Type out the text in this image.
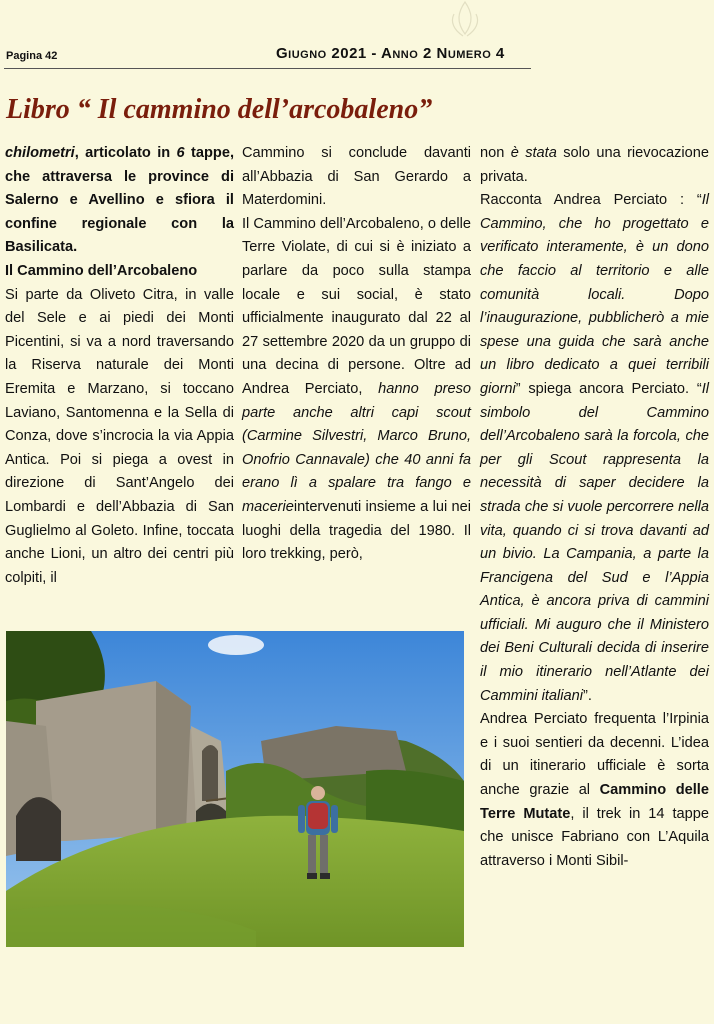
Pagina 42	Giugno 2021 - Anno 2 Numero 4
Libro “ Il cammino dell’arcobaleno”

chilometri, articolato in 6 tappe, che attraversa le province di Salerno e Avellino e sfiora il confine regionale con la Basilicata.

Il Cammino dell’Arcobaleno

Si parte da Oliveto Citra, in valle del Sele e ai piedi dei Monti Picentini, si va a nord traversando la Riserva naturale dei Monti Eremita e Marzano, si toccano Laviano, Santomenna e la Sella di Conza, dove s’incrocia la via Appia Antica. Poi si piega a ovest in direzione di Sant’Angelo dei Lombardi e dell’Abbazia di San Guglielmo al Goleto. Infine, toccata anche Lioni, un altro dei centri più colpiti, il

Cammino si conclude davanti all’Abbazia di San Gerardo a Materdomini.

Il Cammino dell’Arcobaleno, o delle Terre Violate, di cui si è iniziato a parlare da poco sulla stampa locale e sui social, è stato ufficialmente inaugurato dal 22 al 27 settembre 2020 da un gruppo di una decina di persone. Oltre ad Andrea Perciato, hanno preso parte anche altri capi scout (Carmine Silvestri, Marco Bruno, Onofrio Cannavale) che 40 anni fa erano lì a spalare tra fango e macerieintervenuti insieme a lui nei luoghi della tragedia del 1980. Il loro trekking, però,

non è stata solo una rievocazione privata.

Racconta Andrea Perciato : “Il Cammino, che ho progettato e verificato interamente, è un dono che faccio al territorio e alle comunità locali. Dopo l’inaugurazione, pubblicherò a mie spese una guida che sarà anche un libro dedicato a quei terribili giorni” spiega ancora Perciato. “Il simbolo del Cammino dell’Arcobaleno sarà la forcola, che per gli Scout rappresenta la necessità di saper decidere la strada che si vuole percorrere nella vita, quando ci si trova davanti ad un bivio. La Campania, a parte la Francigena del Sud e l’Appia Antica, è ancora priva di cammini ufficiali. Mi auguro che il Ministero dei Beni Culturali decida di inserire il mio itinerario nell’Atlante dei Cammini italiani”.

Andrea Perciato frequenta l’Irpinia e i suoi sentieri da decenni. L’idea di un itinerario ufficiale è sorta anche grazie al Cammino delle Terre Mutate, il trek in 14 tappe che unisce Fabriano con L’Aquila attraverso i Monti Sibil-
